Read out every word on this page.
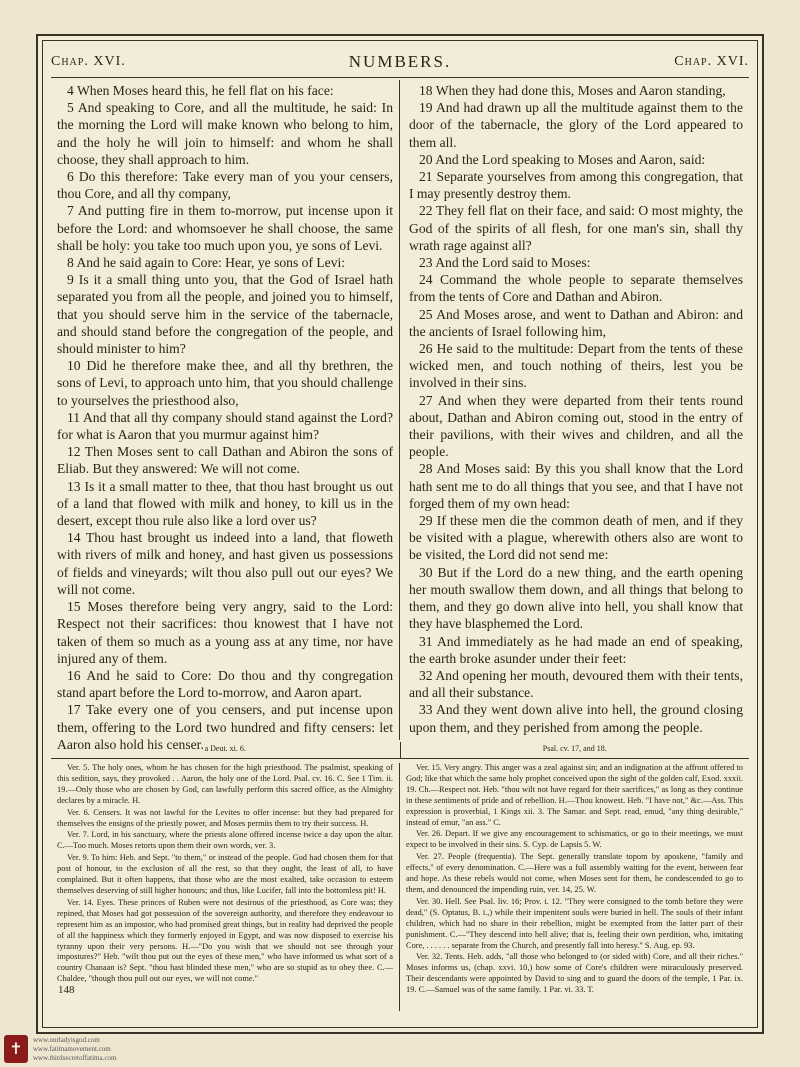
Chap. XVI.	NUMBERS.	Chap. XVI.

4 When Moses heard this, he fell flat on his face:

5 And speaking to Core, and all the multitude, he said: In the morning the Lord will make known who belong to him, and the holy he will join to himself: and whom he shall choose, they shall approach to him.

6 Do this therefore: Take every man of you your censers, thou Core, and all thy company,

7 And putting fire in them to-morrow, put incense upon it before the Lord: and whomsoever he shall choose, the same shall be holy: you take too much upon you, ye sons of Levi.

8 And he said again to Core: Hear, ye sons of Levi:

9 Is it a small thing unto you, that the God of Israel hath separated you from all the people, and joined you to himself, that you should serve him in the service of the tabernacle, and should stand before the congregation of the people, and should minister to him?

10 Did he therefore make thee, and all thy brethren, the sons of Levi, to approach unto him, that you should challenge to yourselves the priesthood also,

11 And that all thy company should stand against the Lord? for what is Aaron that you murmur against him?

12 Then Moses sent to call Dathan and Abiron the sons of Eliab. But they answered: We will not come.

13 Is it a small matter to thee, that thou hast brought us out of a land that flowed with milk and honey, to kill us in the desert, except thou rule also like a lord over us?

14 Thou hast brought us indeed into a land, that floweth with rivers of milk and honey, and hast given us possessions of fields and vineyards; wilt thou also pull out our eyes? We will not come.

15 Moses therefore being very angry, said to the Lord: Respect not their sacrifices: thou knowest that I have not taken of them so much as a young ass at any time, nor have injured any of them.

16 And he said to Core: Do thou and thy congregation stand apart before the Lord to-morrow, and Aaron apart.

17 Take every one of you censers, and put incense upon them, offering to the Lord two hundred and fifty censers: let Aaron also hold his censer.

18 When they had done this, Moses and Aaron standing,

19 And had drawn up all the multitude against them to the door of the tabernacle, the glory of the Lord appeared to them all.

20 And the Lord speaking to Moses and Aaron, said:

21 Separate yourselves from among this congregation, that I may presently destroy them.

22 They fell flat on their face, and said: O most mighty, the God of the spirits of all flesh, for one man's sin, shall thy wrath rage against all?

23 And the Lord said to Moses:

24 Command the whole people to separate themselves from the tents of Core and Dathan and Abiron.

25 And Moses arose, and went to Dathan and Abiron: and the ancients of Israel following him,

26 He said to the multitude: Depart from the tents of these wicked men, and touch nothing of theirs, lest you be involved in their sins.

27 And when they were departed from their tents round about, Dathan and Abiron coming out, stood in the entry of their pavilions, with their wives and children, and all the people.

28 And Moses said: By this you shall know that the Lord hath sent me to do all things that you see, and that I have not forged them of my own head:

29 If these men die the common death of men, and if they be visited with a plague, wherewith others also are wont to be visited, the Lord did not send me:

30 But if the Lord do a new thing, and the earth opening her mouth swallow them down, and all things that belong to them, and they go down alive into hell, you shall know that they have blasphemed the Lord.

31 And immediately as he had made an end of speaking, the earth broke asunder under their feet:

32 And opening her mouth, devoured them with their tents, and all their substance.

33 And they went down alive into hell, the ground closing upon them, and they perished from among the people.

a Deut. xi. 6.	Psal. cv. 17, and 18.

Ver. 5. The holy ones, whom he has chosen for the high priesthood. The psalmist, speaking of this sedition, says, they provoked . . Aaron, the holy one of the Lord. Psal. cv. 16. C. See 1 Tim. ii. 19.—Only those who are chosen by God, can lawfully perform this sacred office, as the Almighty declares by a miracle. H.

Ver. 6. Censers. It was not lawful for the Levites to offer incense: but they had prepared for themselves the ensigns of the priestly power, and Moses permits them to try their success. H.

Ver. 7. Lord, in his sanctuary, where the priests alone offered incense twice a day upon the altar. C.—Too much. Moses retorts upon them their own words, ver. 3.

Ver. 9. To him: Heb. and Sept. "to them," or instead of the people. God had chosen them for that post of honour, to the exclusion of all the rest, so that they ought, the least of all, to have complained. But it often happens, that those who are the most exalted, take occasion to esteem themselves deserving of still higher honours; and thus, like Lucifer, fall into the bottomless pit! H.

Ver. 14. Eyes. These princes of Ruben were not desirous of the priesthood, as Core was; they repined, that Moses had got possession of the sovereign authority, and therefore they endeavour to represent him as an impostor, who had promised great things, but in reality had deprived the people of all the happiness which they formerly enjoyed in Egypt, and was now disposed to exercise his tyranny upon their very persons. H.—"Do you wish that we should not see through your impostures?" Heb. "wilt thou put out the eyes of these men," who have informed us what sort of a country Chanaan is? Sept. "thou hast blinded these men," who are so stupid as to obey thee. C.—Chaldee, "though thou pull out our eyes, we will not come."

Ver. 15. Very angry. This anger was a zeal against sin; and an indignation at the affront offered to God; like that which the same holy prophet conceived upon the sight of the golden calf, Exod. xxxii. 19. Ch.—Respect not. Heb. "thou wilt not have regard for their sacrifices," as long as they continue in these sentiments of pride and of rebellion. H.—Thou knowest. Heb. "I have not," &c.—Ass. This expression is proverbial, 1 Kings xii. 3. The Samar. and Sept. read, emud, "any thing desirable," instead of emur, "an ass." C.

Ver. 26. Depart. If we give any encouragement to schismatics, or go to their meetings, we must expect to be involved in their sins. S. Cyp. de Lapsis 5. W.

Ver. 27. People (frequentia). The Sept. generally translate topom by aposkene, "family and effects," of every denomination. C.—Here was a full assembly waiting for the event, between fear and hope. As these rebels would not come, when Moses sent for them, he condescended to go to them, and denounced the impending ruin, ver. 14, 25. W.

Ver. 30. Hell. See Psal. liv. 16; Prov. i. 12. "They were consigned to the tomb before they were dead," (S. Optatus, B. i.,) while their impenitent souls were buried in hell. The souls of their infant children, which had no share in their rebellion, might be exempted from the latter part of their punishment. C.—"They descend into hell alive; that is, feeling their own perdition, who, imitating Core, . . . . . . separate from the Church, and presently fall into heresy." S. Aug. ep. 93.

Ver. 32. Tents. Heb. adds, "all those who belonged to (or sided with) Core, and all their riches." Moses informs us, (chap. xxvi. 10,) how some of Core's children were miraculously preserved. Their descendants were appointed by David to sing and to guard the doors of the temple, 1 Par. ix. 19. C.—Samuel was of the same family. 1 Par. vi. 33. T.

148
✝
www.ourladyisgod.com
www.fatimamovement.com
www.thirdsecretoffatima.com
